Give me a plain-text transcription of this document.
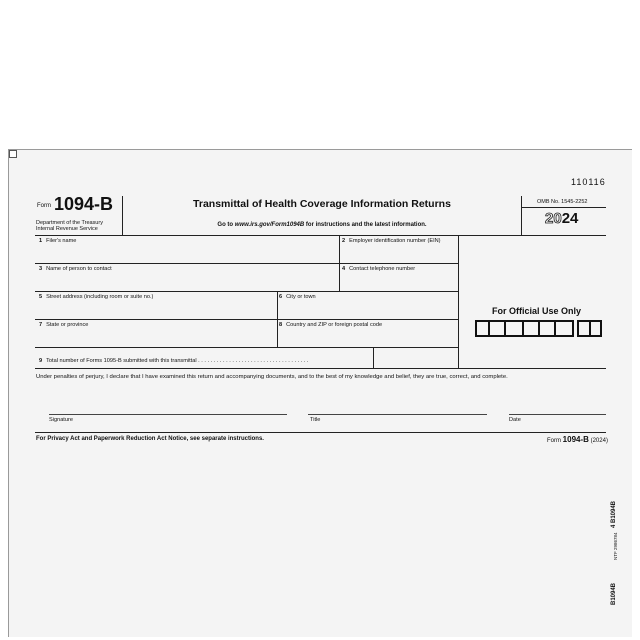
110116
Form 1094-B
Department of the Treasury
Internal Revenue Service
Transmittal of Health Coverage Information Returns
Go to www.irs.gov/Form1094B for instructions and the latest information.
OMB No. 1545-2252
2024
1 Filer's name	2 Employer identification number (EIN)
3 Name of person to contact	4 Contact telephone number
5 Street address (including room or suite no.)	6 City or town
7 State or province	8 Country and ZIP or foreign postal code
9 Total number of Forms 1095-B submitted with this transmittal . . . . . . . . . . . . . . . . . . . . . . . . . . . . . . . . . . . .
For Official Use Only
Under penalties of perjury, I declare that I have examined this return and accompanying documents, and to the best of my knowledge and belief, they are true, correct, and complete.
Signature	Title	Date
For Privacy Act and Paperwork Reduction Act Notice, see separate instructions.	Form 1094-B (2024)
4 B1094B
NTF 2986784
B1094B
